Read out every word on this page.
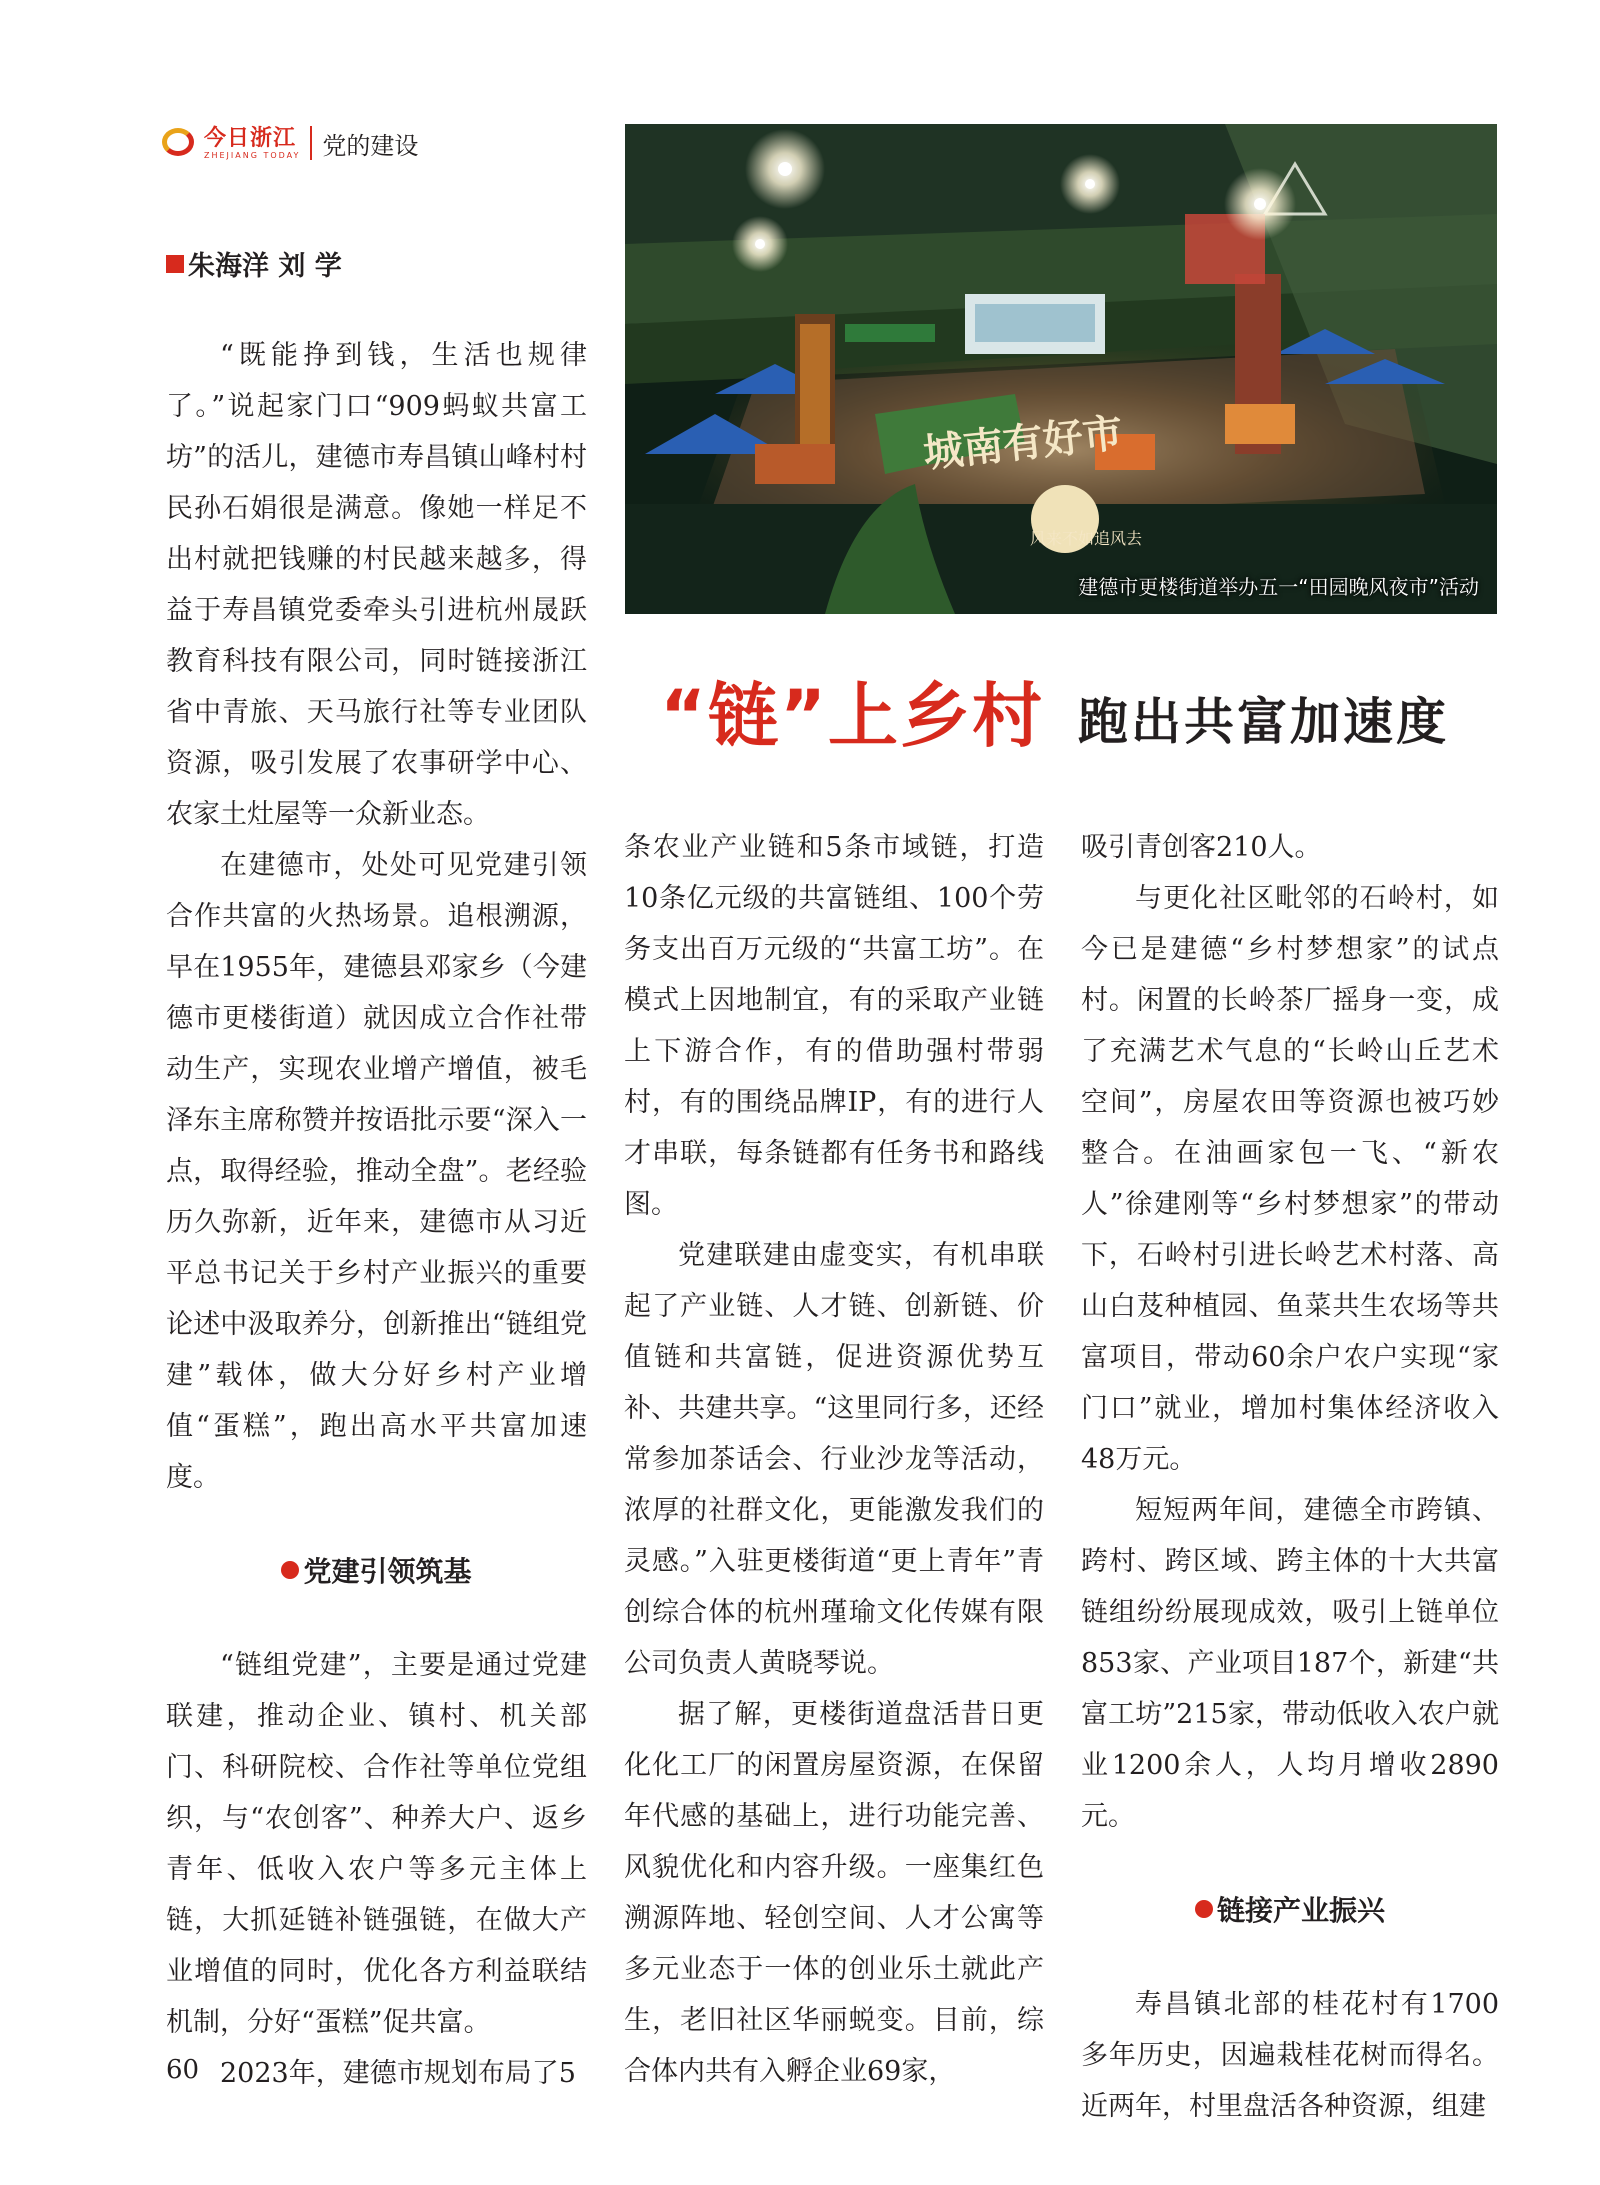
今日浙江
ZHEJIANG TODAY 党的建设
朱海洋 刘 学
城南有好市
风来不如追风去
建德市更楼街道举办五一“田园晚风夜市”活动
“链”上乡村 跑出共富加速度

“既能挣到钱，生活也规律了。”说起家门口“909蚂蚁共富工坊”的活儿，建德市寿昌镇山峰村村民孙石娟很是满意。像她一样足不出村就把钱赚的村民越来越多，得益于寿昌镇党委牵头引进杭州晟跃教育科技有限公司，同时链接浙江省中青旅、天马旅行社等专业团队资源，吸引发展了农事研学中心、农家土灶屋等一众新业态。

在建德市，处处可见党建引领合作共富的火热场景。追根溯源，早在1955年，建德县邓家乡（今建德市更楼街道）就因成立合作社带动生产，实现农业增产增值，被毛泽东主席称赞并按语批示要“深入一点，取得经验，推动全盘”。老经验历久弥新，近年来，建德市从习近平总书记关于乡村产业振兴的重要论述中汲取养分，创新推出“链组党建”载体，做大分好乡村产业增值“蛋糕”，跑出高水平共富加速度。

党建引领筑基

“链组党建”，主要是通过党建联建，推动企业、镇村、机关部门、科研院校、合作社等单位党组织，与“农创客”、种养大户、返乡青年、低收入农户等多元主体上链，大抓延链补链强链，在做大产业增值的同时，优化各方利益联结机制，分好“蛋糕”促共富。

2023年，建德市规划布局了5

条农业产业链和5条市域链，打造10条亿元级的共富链组、100个劳务支出百万元级的“共富工坊”。在模式上因地制宜，有的采取产业链上下游合作，有的借助强村带弱村，有的围绕品牌IP，有的进行人才串联，每条链都有任务书和路线图。

党建联建由虚变实，有机串联起了产业链、人才链、创新链、价值链和共富链，促进资源优势互补、共建共享。“这里同行多，还经常参加茶话会、行业沙龙等活动，浓厚的社群文化，更能激发我们的灵感。”入驻更楼街道“更上青年”青创综合体的杭州瑾瑜文化传媒有限公司负责人黄晓琴说。

据了解，更楼街道盘活昔日更化化工厂的闲置房屋资源，在保留年代感的基础上，进行功能完善、风貌优化和内容升级。一座集红色溯源阵地、轻创空间、人才公寓等多元业态于一体的创业乐土就此产生，老旧社区华丽蜕变。目前，综合体内共有入孵企业69家，

吸引青创客210人。

与更化社区毗邻的石岭村，如今已是建德“乡村梦想家”的试点村。闲置的长岭茶厂摇身一变，成了充满艺术气息的“长岭山丘艺术空间”，房屋农田等资源也被巧妙整合。在油画家包一飞、“新农人”徐建刚等“乡村梦想家”的带动下，石岭村引进长岭艺术村落、高山白芨种植园、鱼菜共生农场等共富项目，带动60余户农户实现“家门口”就业，增加村集体经济收入48万元。

短短两年间，建德全市跨镇、跨村、跨区域、跨主体的十大共富链组纷纷展现成效，吸引上链单位853家、产业项目187个，新建“共富工坊”215家，带动低收入农户就业1200余人，人均月增收2890元。

链接产业振兴

寿昌镇北部的桂花村有1700多年历史，因遍栽桂花树而得名。近两年，村里盘活各种资源，组建

60
